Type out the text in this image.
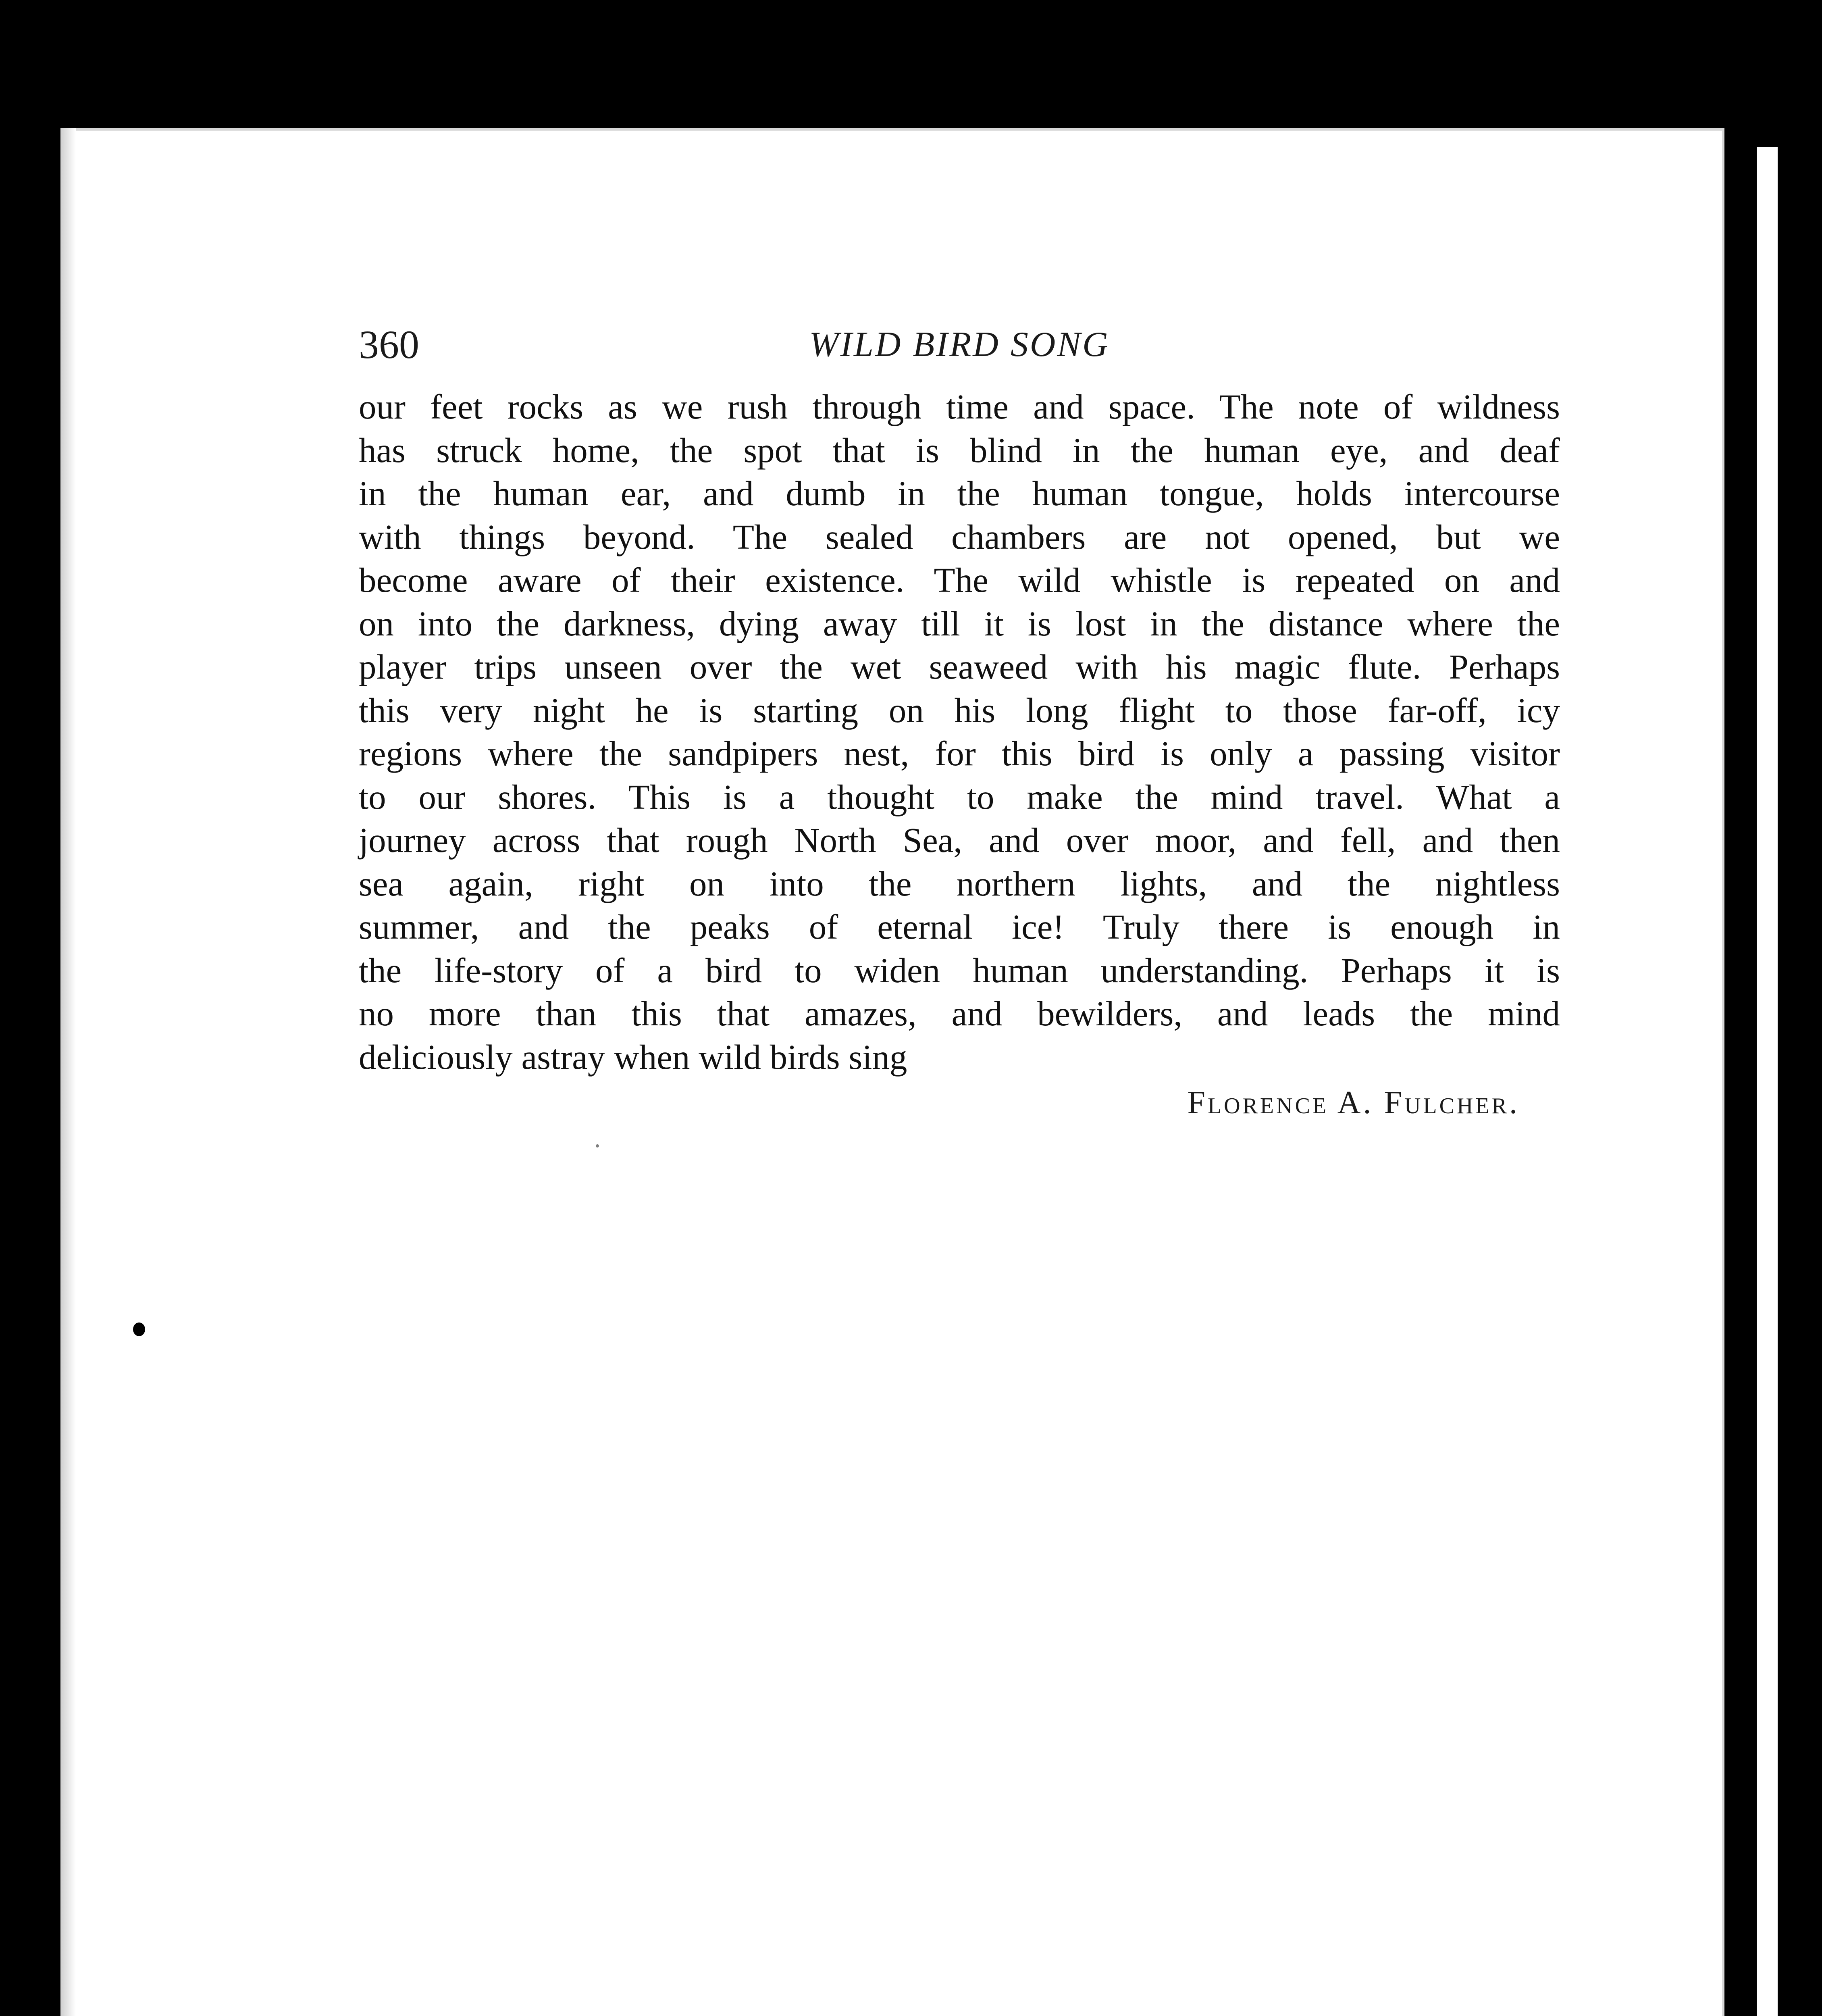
360	WILD BIRD SONG
our feet rocks as we rush through time and space. The note of wildness
has struck home, the spot that is blind in the human eye, and deaf
in the human ear, and dumb in the human tongue, holds intercourse
with things beyond. The sealed chambers are not opened, but we
become aware of their existence. The wild whistle is repeated on and
on into the darkness, dying away till it is lost in the distance where the
player trips unseen over the wet seaweed with his magic flute. Perhaps
this very night he is starting on his long flight to those far-off, icy
regions where the sandpipers nest, for this bird is only a passing visitor
to our shores. This is a thought to make the mind travel. What a
journey across that rough North Sea, and over moor, and fell, and then
sea again, right on into the northern lights, and the nightless
summer, and the peaks of eternal ice! Truly there is enough in
the life-story of a bird to widen human understanding. Perhaps it is
no more than this that amazes, and bewilders, and leads the mind
deliciously astray when wild birds sing
Florence A. Fulcher.
